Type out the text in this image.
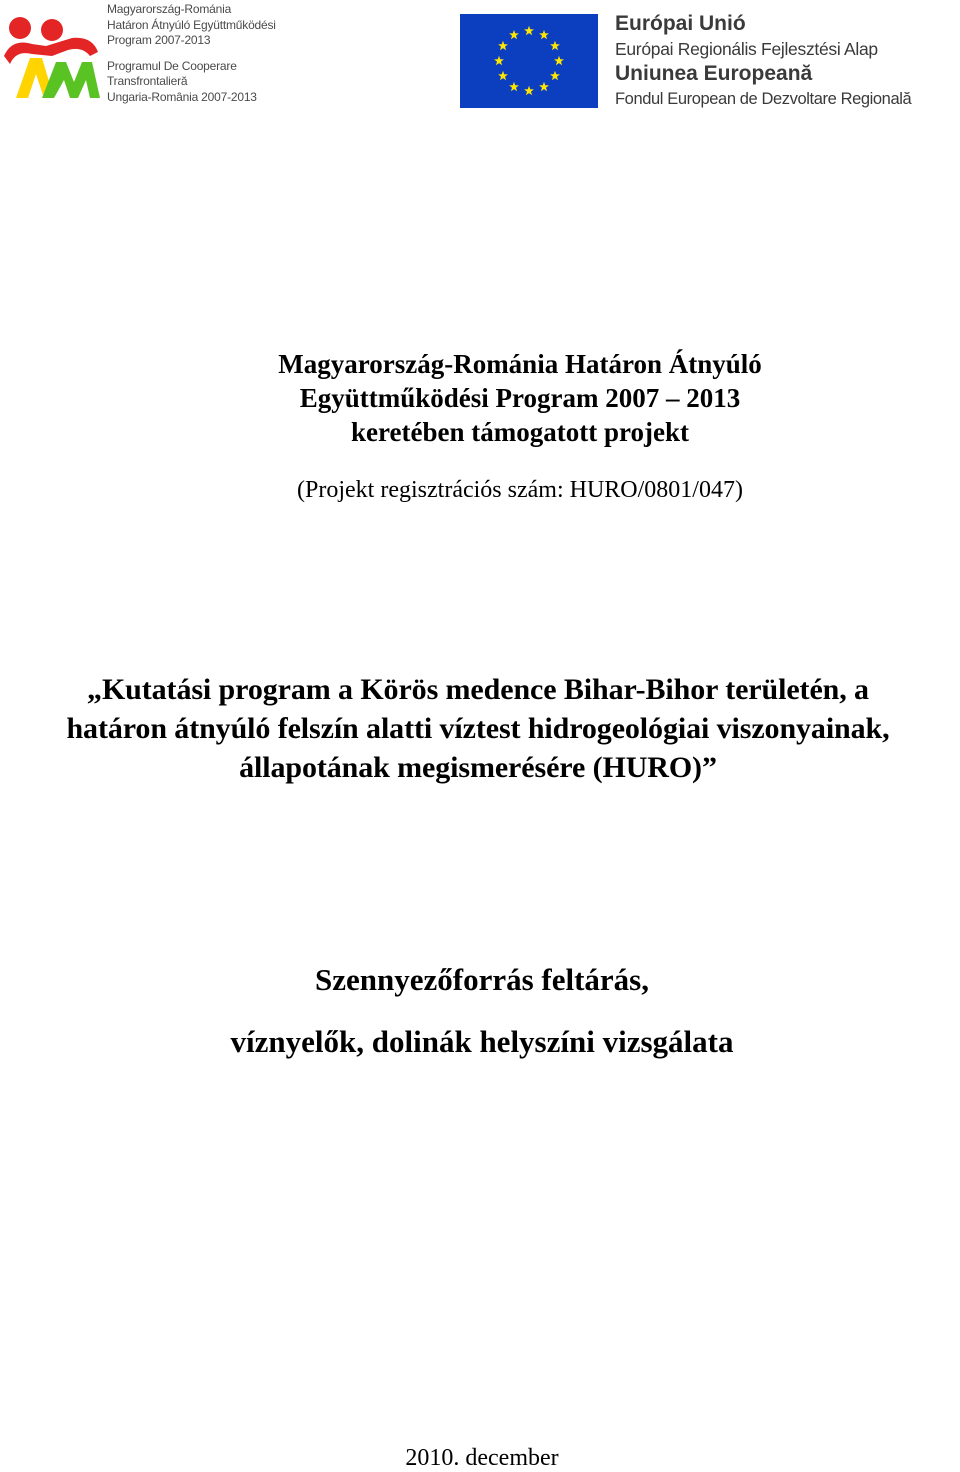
Magyarország-Románia
Határon Átnyúló Együttműködési
Program 2007-2013
Programul De Cooperare
Transfrontalieră
Ungaria-România 2007-2013
Európai Unió
Európai Regionális Fejlesztési Alap
Uniunea Europeană
Fondul European de Dezvoltare Regională
Magyarország-Románia Határon Átnyúló
Együttműködési Program 2007 – 2013
keretében támogatott projekt
(Projekt regisztrációs szám: HURO/0801/047)
„Kutatási program a Körös medence Bihar-Bihor területén, a
határon átnyúló felszín alatti víztest hidrogeológiai viszonyainak,
állapotának megismerésére (HURO)”
Szennyezőforrás feltárás,
víznyelők, dolinák helyszíni vizsgálata
2010. december
